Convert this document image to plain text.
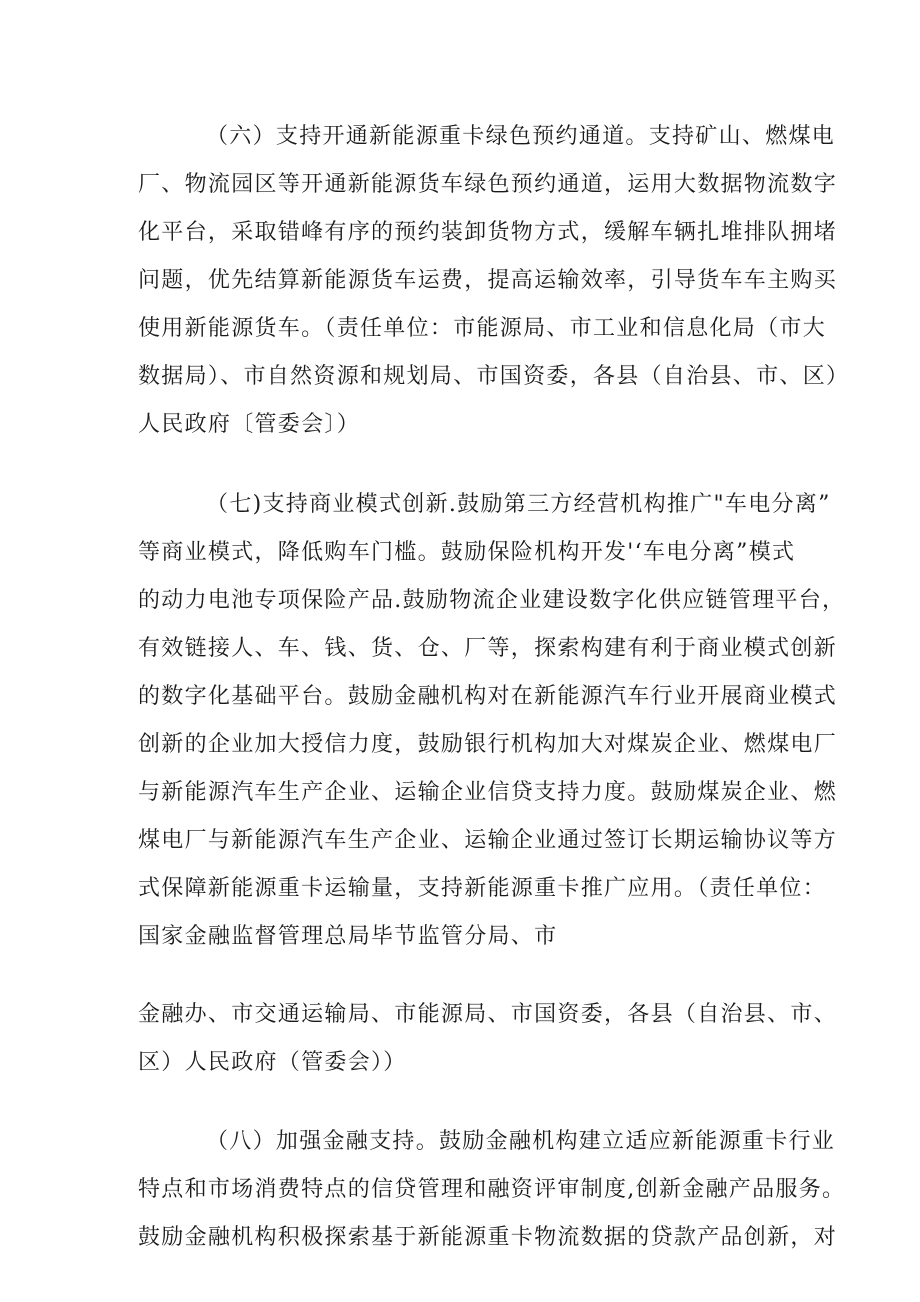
（六）支持开通新能源重卡绿色预约通道。支持矿山、燃煤电
厂、物流园区等开通新能源货车绿色预约通道，运用大数据物流数字
化平台，采取错峰有序的预约装卸货物方式，缓解车辆扎堆排队拥堵
问题，优先结算新能源货车运费，提高运输效率，引导货车车主购买
使用新能源货车。（责任单位：市能源局、市工业和信息化局（市大
数据局）、市自然资源和规划局、市国资委，各县（自治县、市、区）
人民政府〔管委会〕）
（七)支持商业模式创新.鼓励第三方经营机构推广"车电分离”
等商业模式，降低购车门槛。鼓励保险机构开发'‘车电分离”模式
的动力电池专项保险产品.鼓励物流企业建设数字化供应链管理平台，
有效链接人、车、钱、货、仓、厂等，探索构建有利于商业模式创新
的数字化基础平台。鼓励金融机构对在新能源汽车行业开展商业模式
创新的企业加大授信力度，鼓励银行机构加大对煤炭企业、燃煤电厂
与新能源汽车生产企业、运输企业信贷支持力度。鼓励煤炭企业、燃
煤电厂与新能源汽车生产企业、运输企业通过签订长期运输协议等方
式保障新能源重卡运输量，支持新能源重卡推广应用。（责任单位：
国家金融监督管理总局毕节监管分局、市
金融办、市交通运输局、市能源局、市国资委，各县（自治县、市、
区）人民政府（管委会））
（八）加强金融支持。鼓励金融机构建立适应新能源重卡行业
特点和市场消费特点的信贷管理和融资评审制度,创新金融产品服务。
鼓励金融机构积极探索基于新能源重卡物流数据的贷款产品创新，对
